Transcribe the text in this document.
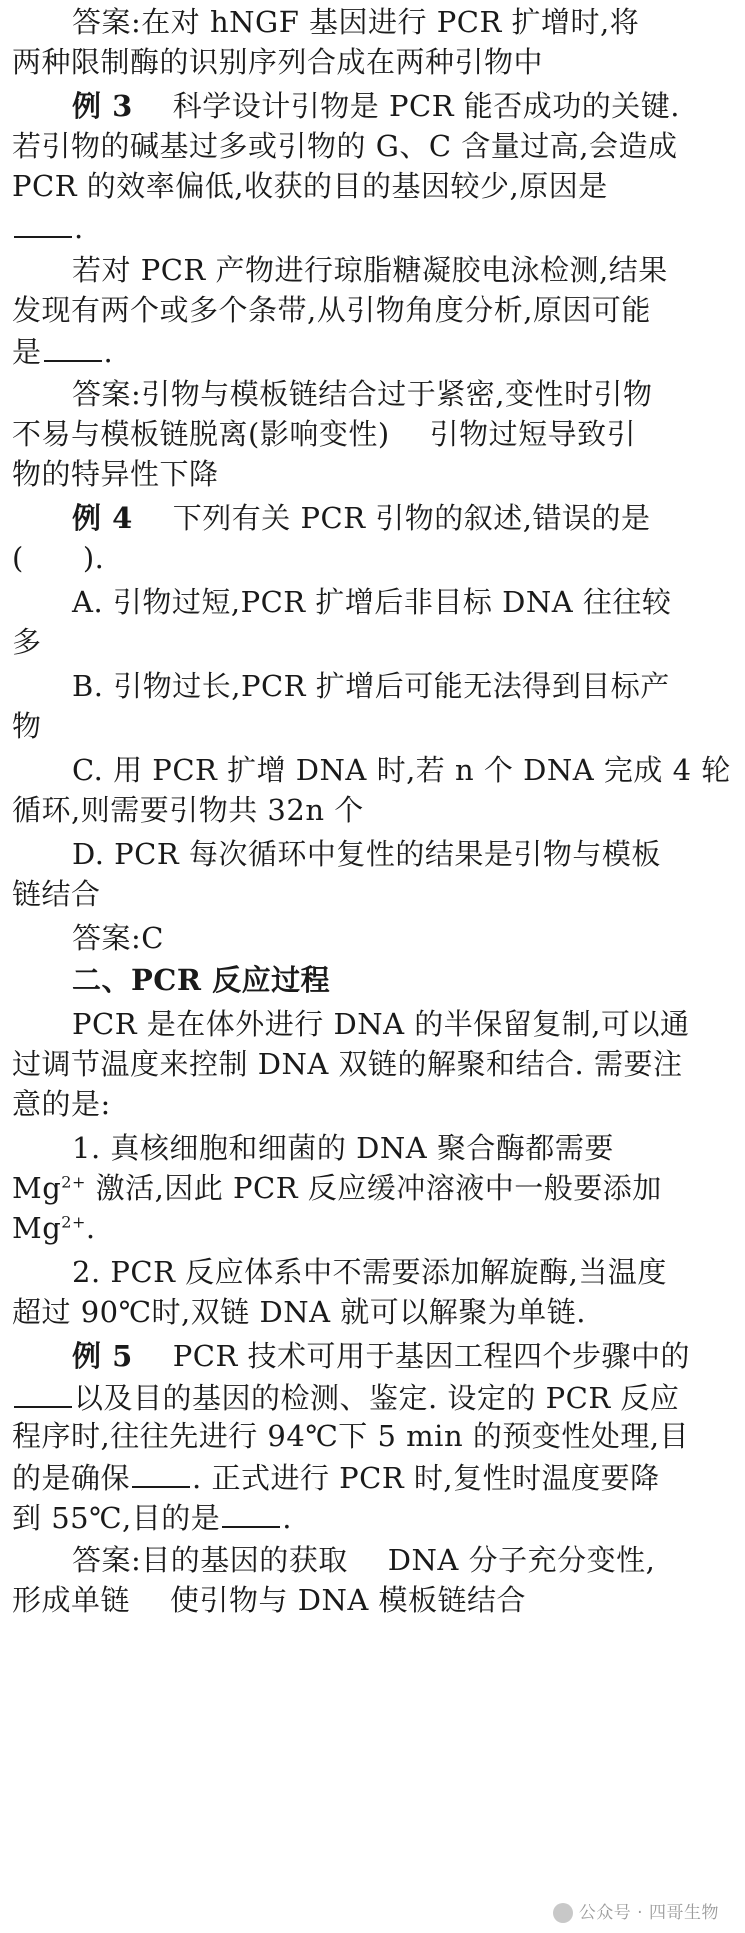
答案:在对 hNGF 基因进行 PCR 扩增时,将
两种限制酶的识别序列合成在两种引物中
例 3 科学设计引物是 PCR 能否成功的关键.
若引物的碱基过多或引物的 G、C 含量过高,会造成
PCR 的效率偏低,收获的目的基因较少,原因是
.
若对 PCR 产物进行琼脂糖凝胶电泳检测,结果
发现有两个或多个条带,从引物角度分析,原因可能
是 .
答案:引物与模板链结合过于紧密,变性时引物
不易与模板链脱离(影响变性) 引物过短导致引
物的特异性下降
例 4 下列有关 PCR 引物的叙述,错误的是
(　　).
A. 引物过短,PCR 扩增后非目标 DNA 往往较
多
B. 引物过长,PCR 扩增后可能无法得到目标产
物
C. 用 PCR 扩增 DNA 时,若 n 个 DNA 完成 4 轮
循环,则需要引物共 32n 个
D. PCR 每次循环中复性的结果是引物与模板
链结合
答案:C
二、PCR 反应过程
PCR 是在体外进行 DNA 的半保留复制,可以通
过调节温度来控制 DNA 双链的解聚和结合. 需要注
意的是:
1. 真核细胞和细菌的 DNA 聚合酶都需要
$Mg^{2+}$ 激活,因此 PCR 反应缓冲溶液中一般要添加
$Mg^{2+}$.
2. PCR 反应体系中不需要添加解旋酶,当温度
超过 90℃时,双链 DNA 就可以解聚为单链.
例 5 PCR 技术可用于基因工程四个步骤中的
以及目的基因的检测、鉴定. 设定的 PCR 反应
程序时,往往先进行 94℃下 5 min 的预变性处理,目
的是确保 . 正式进行 PCR 时,复性时温度要降
到 55℃,目的是 .
答案:目的基因的获取 DNA 分子充分变性,
形成单链 使引物与 DNA 模板链结合
公众号 · 四哥生物
